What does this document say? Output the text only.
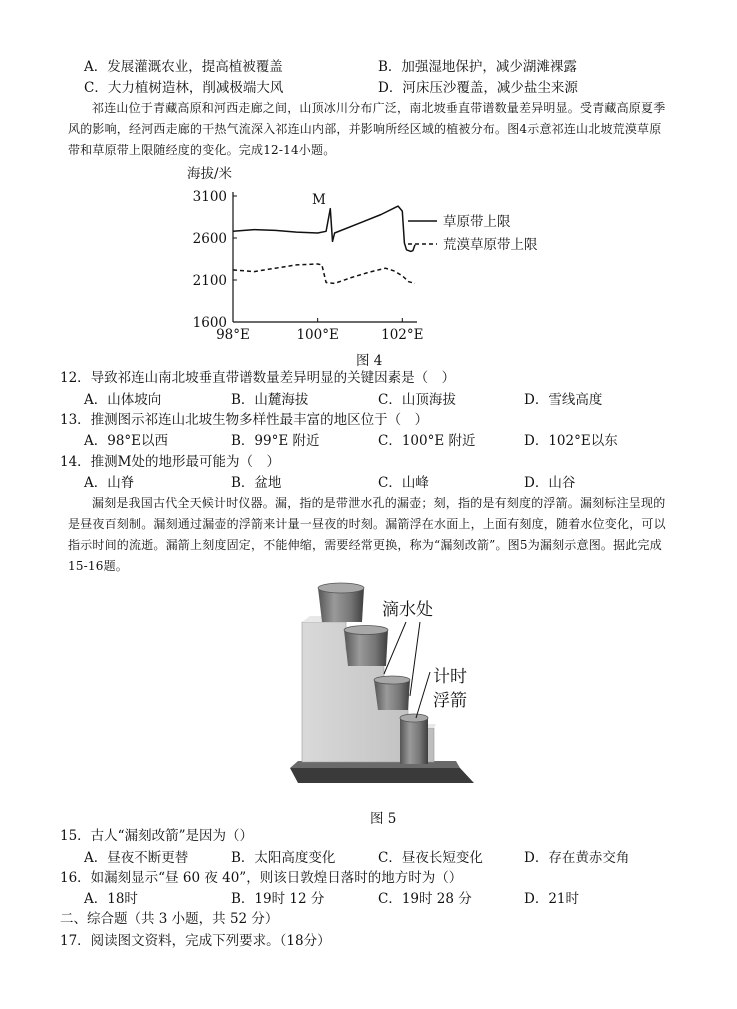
A．发展灌溉农业，提高植被覆盖	B．加强湿地保护，减少湖滩裸露
C．大力植树造林，削减极端大风	D．河床压沙覆盖，减少盐尘来源
祁连山位于青藏高原和河西走廊之间，山顶冰川分布广泛，南北坡垂直带谱数量差异明显。受青藏高原夏季风的影响，经河西走廊的干热气流深入祁连山内部，并影响所经区域的植被分布。图4示意祁连山北坡荒漠草原带和草原带上限随经度的变化。完成12-14小题。
海拔/米
3100
2600
2100
1600
98°E	100°E	102°E
M
草原带上限
荒漠草原带上限
图 4
12．导致祁连山南北坡垂直带谱数量差异明显的关键因素是（　）
A．山体坡向	B．山麓海拔	C．山顶海拔	D．雪线高度
13．推测图示祁连山北坡生物多样性最丰富的地区位于（　）
A．98°E以西	B．99°E 附近	C．100°E 附近	D．102°E以东
14．推测M处的地形最可能为（　）
A．山脊	B．盆地	C．山峰	D．山谷
漏刻是我国古代全天候计时仪器。漏，指的是带泄水孔的漏壶；刻，指的是有刻度的浮箭。漏刻标注呈现的是昼夜百刻制。漏刻通过漏壶的浮箭来计量一昼夜的时刻。漏箭浮在水面上，上面有刻度，随着水位变化，可以指示时间的流逝。漏箭上刻度固定，不能伸缩，需要经常更换，称为“漏刻改箭”。图5为漏刻示意图。据此完成15-16题。
滴水处
计时
浮箭
图 5
15．古人“漏刻改箭”是因为（）
A．昼夜不断更替	B．太阳高度变化	C．昼夜长短变化	D．存在黄赤交角
16．如漏刻显示“昼 60 夜 40”，则该日敦煌日落时的地方时为（）
A．18时	B．19时 12 分	C．19时 28 分	D．21时
二、综合题（共 3 小题，共 52 分）
17．阅读图文资料，完成下列要求。（18分）
